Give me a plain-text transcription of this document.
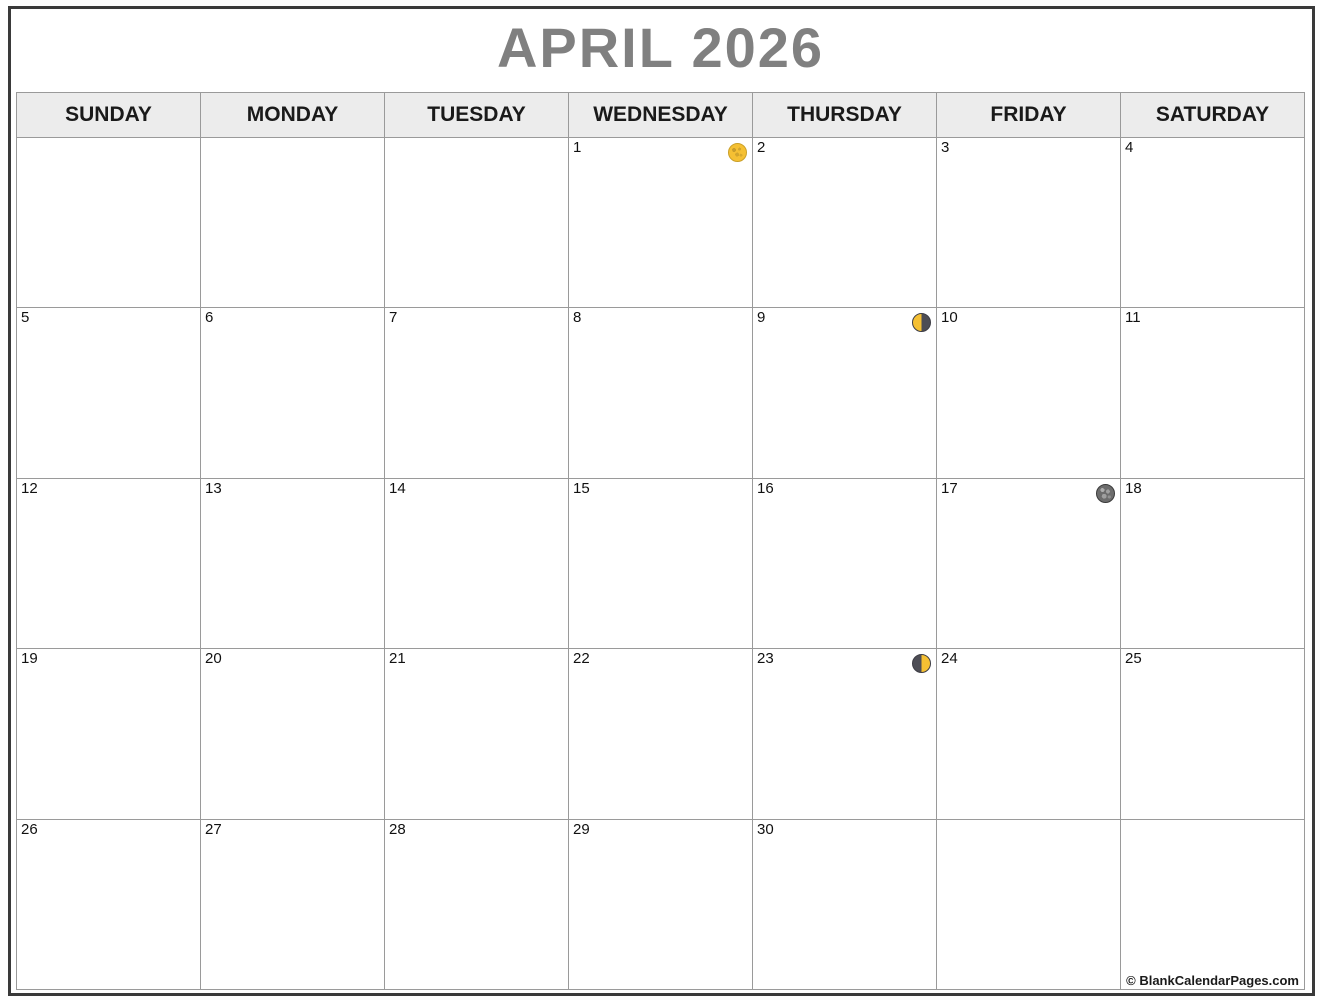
APRIL 2026
SUNDAY	MONDAY	TUESDAY	WEDNESDAY	THURSDAY	FRIDAY	SATURDAY

			1	2	3	4

5	6	7	8	9	10	11

12	13	14	15	16	17	18

19	20	21	22	23	24	25

26	27	28	29	30		

© BlankCalendarPages.com
